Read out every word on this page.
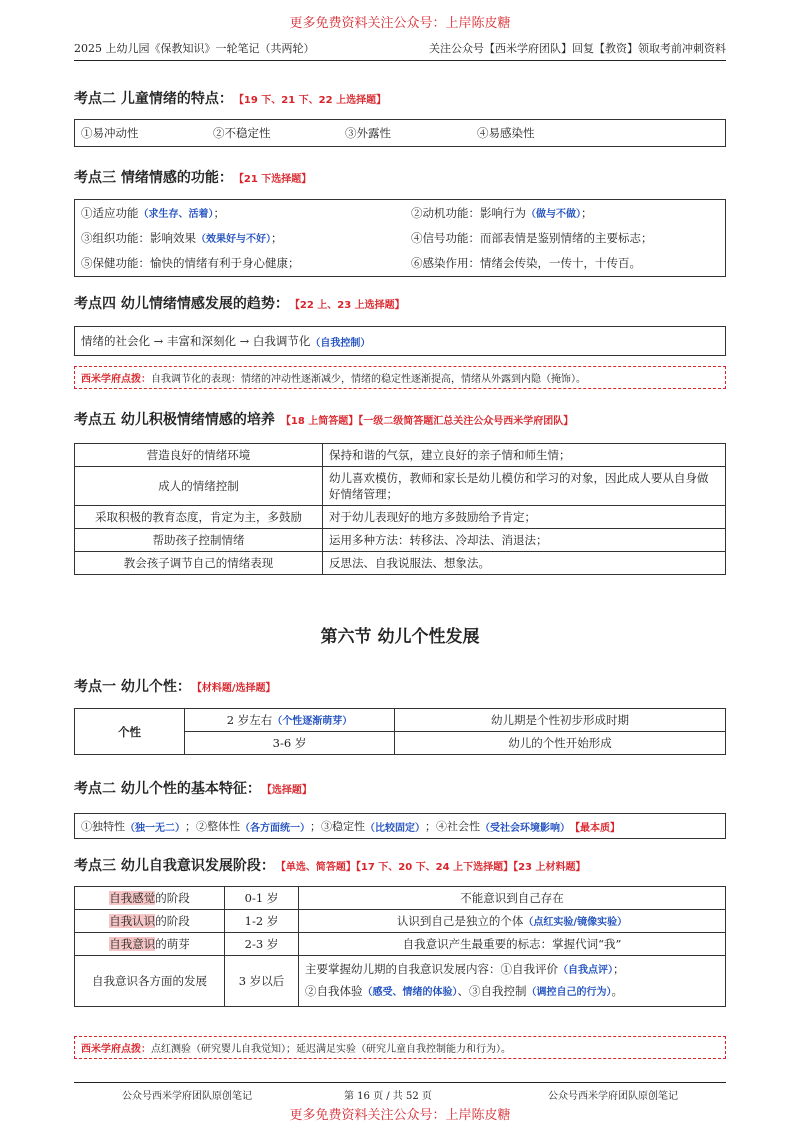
更多免费资料关注公众号：上岸陈皮糖
2025 上幼儿园《保教知识》一轮笔记（共两轮）	关注公众号【西米学府团队】回复【教资】领取考前冲刺资料
考点二 儿童情绪的特点： 【19 下、21 下、22 上选择题】
①易冲动性	②不稳定性	③外露性	④易感染性
考点三 情绪情感的功能： 【21 下选择题】
①适应功能（求生存、活着）；	②动机功能：影响行为（做与不做）；
③组织功能：影响效果（效果好与不好）；	④信号功能：而部表情是鉴别情绪的主要标志；
⑤保健功能：愉快的情绪有利于身心健康；	⑥感染作用：情绪会传染，一传十，十传百。
考点四 幼儿情绪情感发展的趋势： 【22 上、23 上选择题】
情绪的社会化 → 丰富和深刻化 → 白我调节化 （自我控制）
西米学府点拨：自我调节化的表现：情绪的冲动性逐渐减少，情绪的稳定性逐渐提高，情绪从外露到内隐（掩饰）。
考点五 幼儿积极情绪情感的培养 【18 上简答题】【一级二级简答题汇总关注公众号西米学府团队】
营造良好的情绪环境	保持和谐的气氛，建立良好的亲子情和师生情；
成人的情绪控制	幼儿喜欢模仿，教师和家长是幼儿模仿和学习的对象，因此成人要从自身做好情绪管理；
采取积极的教育态度，肯定为主，多鼓励	对于幼儿表现好的地方多鼓励给予肯定；
帮助孩子控制情绪	运用多种方法：转移法、冷却法、消退法；
教会孩子调节自己的情绪表现	反思法、自我说服法、想象法。
第六节 幼儿个性发展
考点一 幼儿个性： 【材料题/选择题】
个性	2 岁左右（个性逐渐萌芽）	幼儿期是个性初步形成时期
	3-6 岁	幼儿的个性开始形成
考点二 幼儿个性的基本特征： 【选择题】
①独特性 （独一无二） ；②整体性 （各方面统一） ；③稳定性 （比较固定） ；④社会性 （受社会环境影响） 【最本质】
考点三 幼儿自我意识发展阶段： 【单选、简答题】【17 下、20 下、24 上下选择题】【23 上材料题】
自我感觉的阶段	0-1 岁	不能意识到自己存在
自我认识的阶段	1-2 岁	认识到自己是独立的个体（点红实验/镜像实验）
自我意识的萌芽	2-3 岁	自我意识产生最重要的标志：掌握代词“我”
自我意识各方面的发展	3 岁以后	主要掌握幼儿期的自我意识发展内容：①自我评价（自我点评）；
②自我体验（感受、情绪的体验）、③自我控制（调控自己的行为）。
西米学府点拨：点红测验（研究婴儿自我觉知）；延迟满足实验（研究儿童自我控制能力和行为）。
公众号西米学府团队原创笔记	第 16 页 / 共 52 页	公众号西米学府团队原创笔记
更多免费资料关注公众号：上岸陈皮糖
